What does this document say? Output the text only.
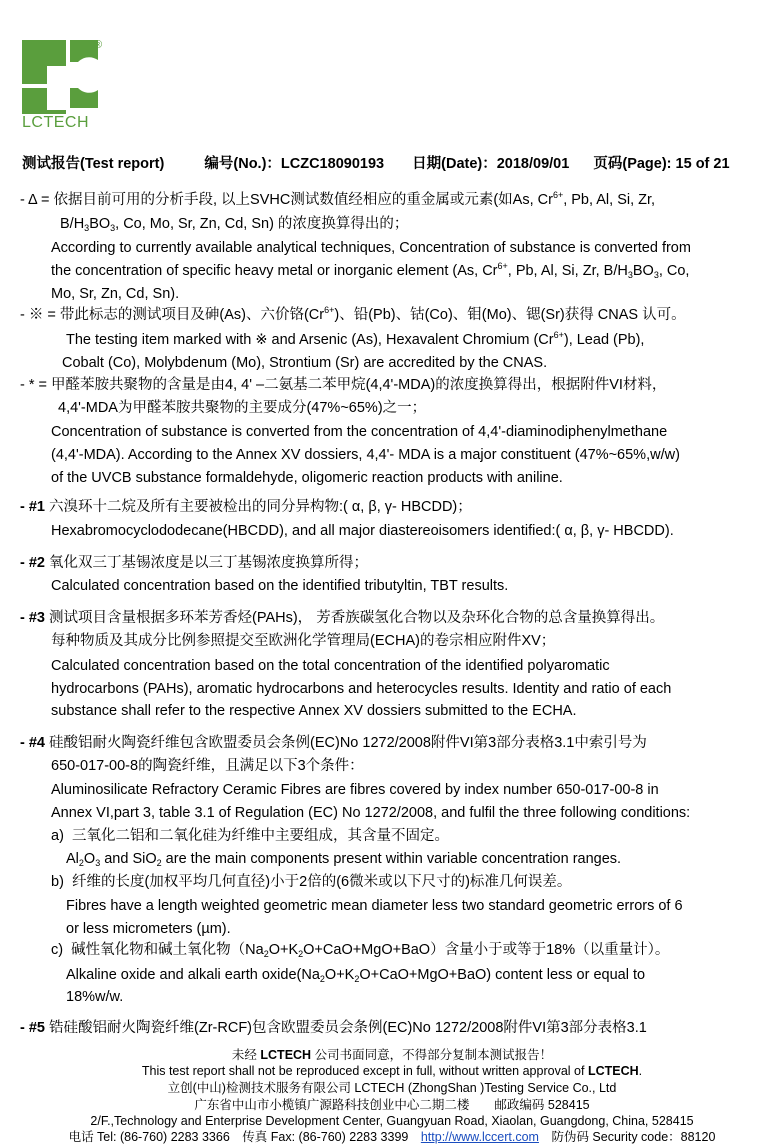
®
LCTECH
测试报告(Test report)	编号(No.)：LCZC18090193 日期(Date)：2018/09/01 页码(Page): 15 of 21
- Δ = 依据目前可用的分析手段, 以上SVHC测试数值经相应的重金属或元素(如As, $Cr^{6+}$, Pb, Al, Si, Zr,
$B/H_3BO_3$, Co, Mo, Sr, Zn, Cd, Sn) 的浓度换算得出的；
According to currently available analytical techniques, Concentration of substance is converted from
the concentration of specific heavy metal or inorganic element (As, $Cr^{6+}$, Pb, Al, Si, Zr, $B/H_3BO_3$, Co,
Mo, Sr, Zn, Cd, Sn).
- ※ = 带此标志的测试项目及砷(As)、六价铬$(Cr^{6+})$、铅(Pb)、钴(Co)、钼(Mo)、锶(Sr)获得 CNAS 认可。
The testing item marked with ※ and Arsenic (As), Hexavalent Chromium $(Cr^{6+})$, Lead (Pb),
Cobalt (Co), Molybdenum (Mo), Strontium (Sr) are accredited by the CNAS.
- * = 甲醛苯胺共聚物的含量是由4, 4' –二氨基二苯甲烷(4,4'-MDA)的浓度换算得出，根据附件VI材料，
4,4'-MDA为甲醛苯胺共聚物的主要成分(47%~65%)之一；
Concentration of substance is converted from the concentration of 4,4'-diaminodiphenylmethane
(4,4'-MDA). According to the Annex XV dossiers, 4,4'- MDA is a major constituent (47%~65%,w/w)
of the UVCB substance formaldehyde, oligomeric reaction products with aniline.
- #1 六溴环十二烷及所有主要被检出的同分异构物:( α, β, γ- HBCDD)；
Hexabromocyclododecane(HBCDD), and all major diastereoisomers identified:( α, β, γ- HBCDD).
- #2 氧化双三丁基锡浓度是以三丁基锡浓度换算所得；
Calculated concentration based on the identified tributyltin, TBT results.
- #3 测试项目含量根据多环苯芳香烃(PAHs)， 芳香族碳氢化合物以及杂环化合物的总含量换算得出。
每种物质及其成分比例参照提交至欧洲化学管理局(ECHA)的卷宗相应附件XV；
Calculated concentration based on the total concentration of the identified polyaromatic
hydrocarbons (PAHs), aromatic hydrocarbons and heterocycles results. Identity and ratio of each
substance shall refer to the respective Annex XV dossiers submitted to the ECHA.
- #4 硅酸铝耐火陶瓷纤维包含欧盟委员会条例(EC)No 1272/2008附件VI第3部分表格3.1中索引号为
650-017-00-8的陶瓷纤维，且满足以下3个条件：
Aluminosilicate Refractory Ceramic Fibres are fibres covered by index number 650-017-00-8 in
Annex VI,part 3, table 3.1 of Regulation (EC) No 1272/2008, and fulfil the three following conditions:
a) 三氧化二铝和二氧化硅为纤维中主要组成，其含量不固定。
$Al_2O_3$ and SiO$_2$ are the main components present within variable concentration ranges.
b) 纤维的长度(加权平均几何直径)小于2倍的(6微米或以下尺寸的)标准几何误差。
Fibres have a length weighted geometric mean diameter less two standard geometric errors of 6
or less micrometers (µm).
c) 碱性氧化物和碱土氧化物$(Na_2O+K_2O+CaO+MgO+BaO)$含量小于或等于18%（以重量计）。
Alkaline oxide and alkali earth $oxide(Na_2O+K_2O+CaO+MgO+BaO)$ content less or equal to
18%w/w.
- #5 锆硅酸铝耐火陶瓷纤维(Zr-RCF)包含欧盟委员会条例(EC)No 1272/2008附件VI第3部分表格3.1
未经 LCTECH 公司书面同意，不得部分复制本测试报告！
This test report shall not be reproduced except in full, without written approval of LCTECH.
立创(中山)检测技术服务有限公司 LCTECH (ZhongShan )Testing Service Co., Ltd
广东省中山市小榄镇广源路科技创业中心二期二楼　　邮政编码 528415
2/F.,Technology and Enterprise Development Center, Guangyuan Road, Xiaolan, Guangdong, China, 528415
电话 Tel: (86-760) 2283 3366　传真 Fax: (86-760) 2283 3399　http://www.lccert.com　防伪码 Security code：88120
